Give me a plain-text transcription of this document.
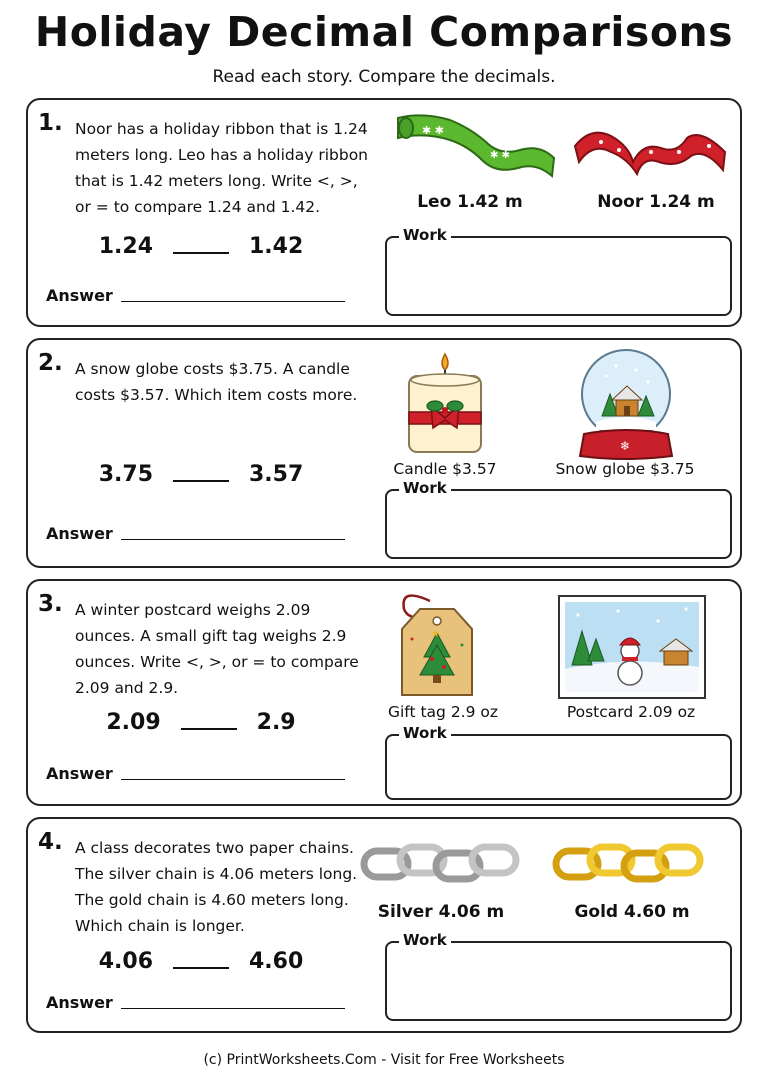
Holiday Decimal Comparisons
Read each story. Compare the decimals.
1. Noor has a holiday ribbon that is 1.24 meters long. Leo has a holiday ribbon that is 1.42 meters long. Write <, >, or = to compare 1.24 and 1.42.
1.24	1.42
Answer
✱ ✱
✱ ✱
Leo 1.42 m	Noor 1.24 m
Work
2. A snow globe costs $3.75. A candle costs $3.57. Which item costs more.
3.75	3.57
Answer
Candle $3.57
❄
Snow globe $3.75
Work
3. A winter postcard weighs 2.09 ounces. A small gift tag weighs 2.9 ounces. Write <, >, or = to compare 2.09 and 2.9.
2.09	2.9
Answer
★
Gift tag 2.9 oz	Postcard 2.09 oz
Work
4. A class decorates two paper chains. The silver chain is 4.06 meters long. The gold chain is 4.60 meters long. Which chain is longer.
4.06	4.60
Answer
Silver 4.06 m	Gold 4.60 m
Work
(c) PrintWorksheets.Com - Visit for Free Worksheets
